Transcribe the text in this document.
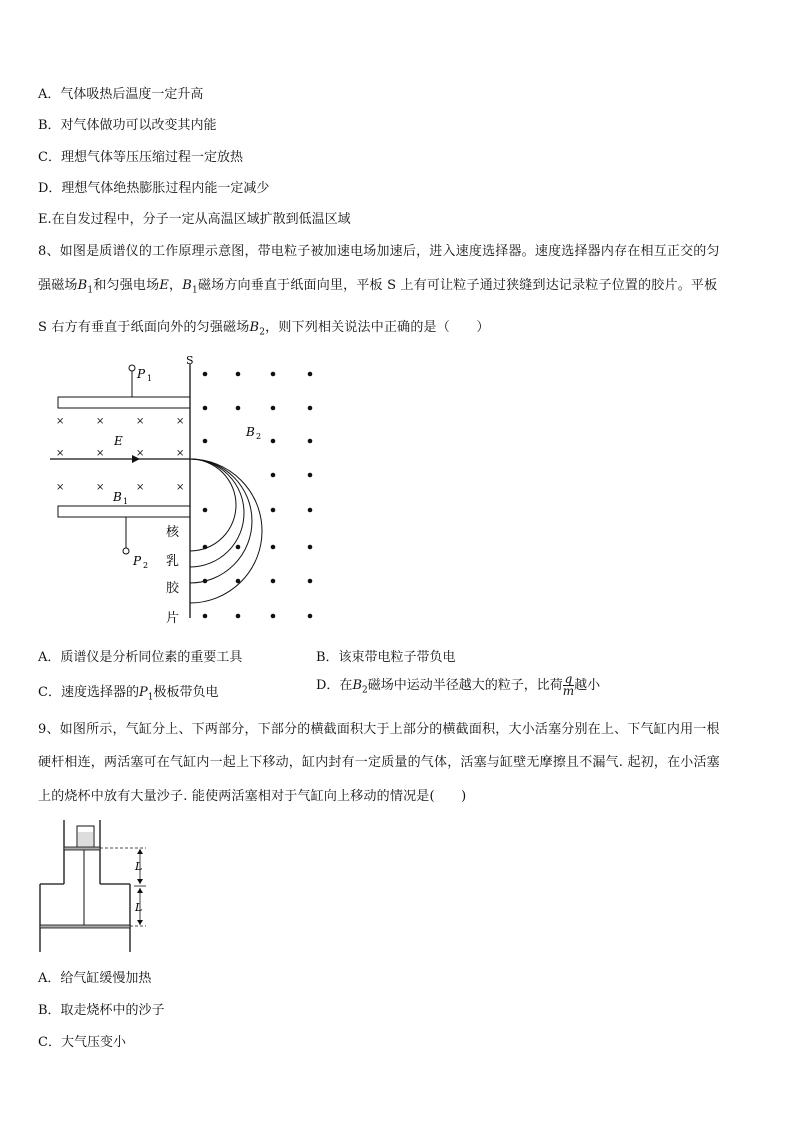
A．气体吸热后温度一定升高
B．对气体做功可以改变其内能
C．理想气体等压压缩过程一定放热
D．理想气体绝热膨胀过程内能一定减少
E.在自发过程中，分子一定从高温区域扩散到低温区域
8、如图是质谱仪的工作原理示意图，带电粒子被加速电场加速后，进入速度选择器。速度选择器内存在相互正交的匀
强磁场$B_1$和匀强电场E，$B_1$磁场方向垂直于纸面向里，平板 S 上有可让粒子通过狭缝到达记录粒子位置的胶片。平板
S 右方有垂直于纸面向外的匀强磁场$B_2$，则下列相关说法中正确的是（　　）
P 1
P 2
×	×	×	×
×	×	×	×
×	×	×	×
E
B 1
S
B 2
核
乳
胶
片
A．质谱仪是分析同位素的重要工具	B．该束带电粒子带负电
C．速度选择器的$P_1$极板带负电	D．在$B_2$磁场中运动半径越大的粒子，比荷 $\frac{q}{m}$ 越小
9、如图所示，气缸分上、下两部分，下部分的横截面积大于上部分的横截面积，大小活塞分别在上、下气缸内用一根
硬杆相连，两活塞可在气缸内一起上下移动，缸内封有一定质量的气体，活塞与缸壁无摩擦且不漏气. 起初，在小活塞
上的烧杯中放有大量沙子. 能使两活塞相对于气缸向上移动的情况是(　　)
L
L
A．给气缸缓慢加热
B．取走烧杯中的沙子
C．大气压变小
